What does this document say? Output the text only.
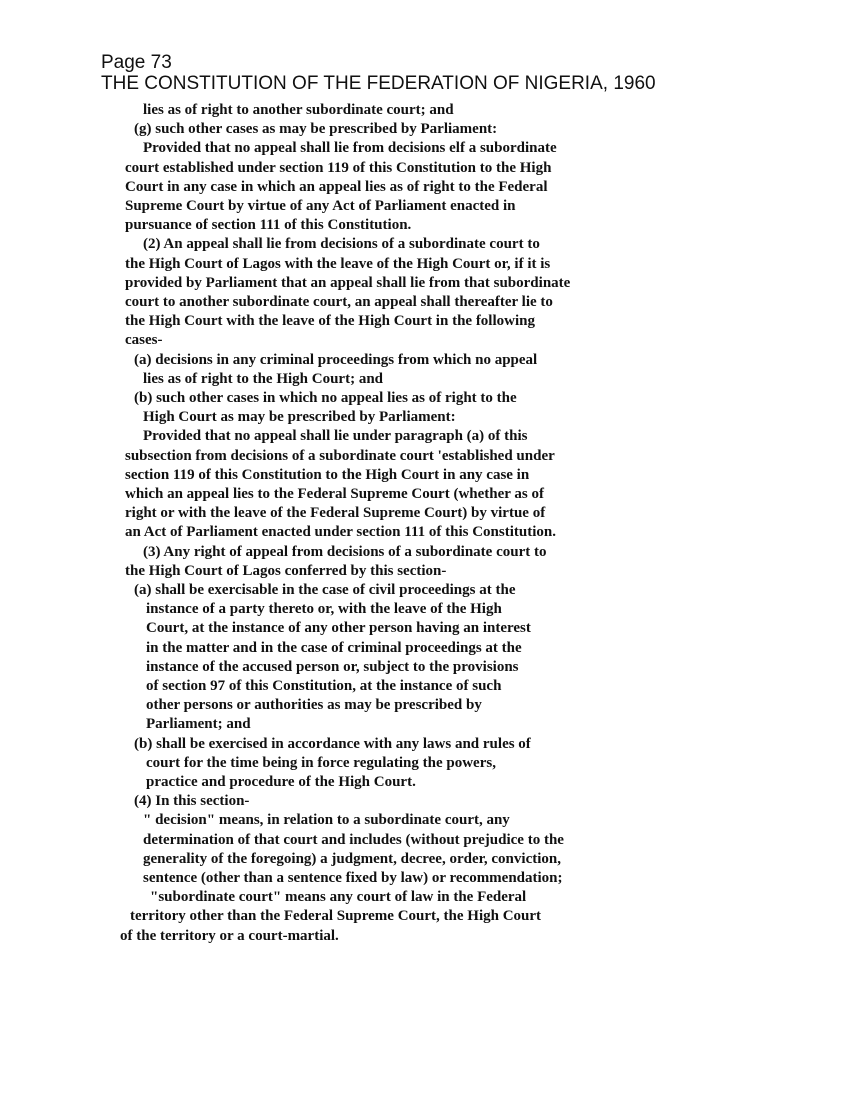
Page 73
THE CONSTITUTION OF THE FEDERATION OF NIGERIA, 1960
lies as of right to another subordinate court; and
(g) such other cases as may be prescribed by Parliament:
Provided that no appeal shall lie from decisions elf a subordinate
court established under section 119 of this Constitution to the High
Court in any case in which an appeal lies as of right to the Federal
Supreme Court by virtue of any Act of Parliament enacted in
pursuance of section 111 of this Constitution.
(2) An appeal shall lie from decisions of a subordinate court to
the High Court of Lagos with the leave of the High Court or, if it is
provided by Parliament that an appeal shall lie from that subordinate
court to another subordinate court, an appeal shall thereafter lie to
the High Court with the leave of the High Court in the following
cases-
(a) decisions in any criminal proceedings from which no appeal
lies as of right to the High Court; and
(b) such other cases in which no appeal lies as of right to the
High Court as may be prescribed by Parliament:
Provided that no appeal shall lie under paragraph (a) of this
subsection from decisions of a subordinate court 'established under
section 119 of this Constitution to the High Court in any case in
which an appeal lies to the Federal Supreme Court (whether as of
right or with the leave of the Federal Supreme Court) by virtue of
an Act of Parliament enacted under section 111 of this Constitution.
(3) Any right of appeal from decisions of a subordinate court to
the High Court of Lagos conferred by this section-
(a) shall be exercisable in the case of civil proceedings at the
instance of a party thereto or, with the leave of the High
Court, at the instance of any other person having an interest
in the matter and in the case of criminal proceedings at the
instance of the accused person or, subject to the provisions
of section 97 of this Constitution, at the instance of such
other persons or authorities as may be prescribed by
Parliament; and
(b) shall be exercised in accordance with any laws and rules of
court for the time being in force regulating the powers,
practice and procedure of the High Court.
(4) In this section-
" decision" means, in relation to a subordinate court, any
determination of that court and includes (without prejudice to the
generality of the foregoing) a judgment, decree, order, conviction,
sentence (other than a sentence fixed by law) or recommendation;
"subordinate court" means any court of law in the Federal
territory other than the Federal Supreme Court, the High Court
of the territory or a court-martial.
